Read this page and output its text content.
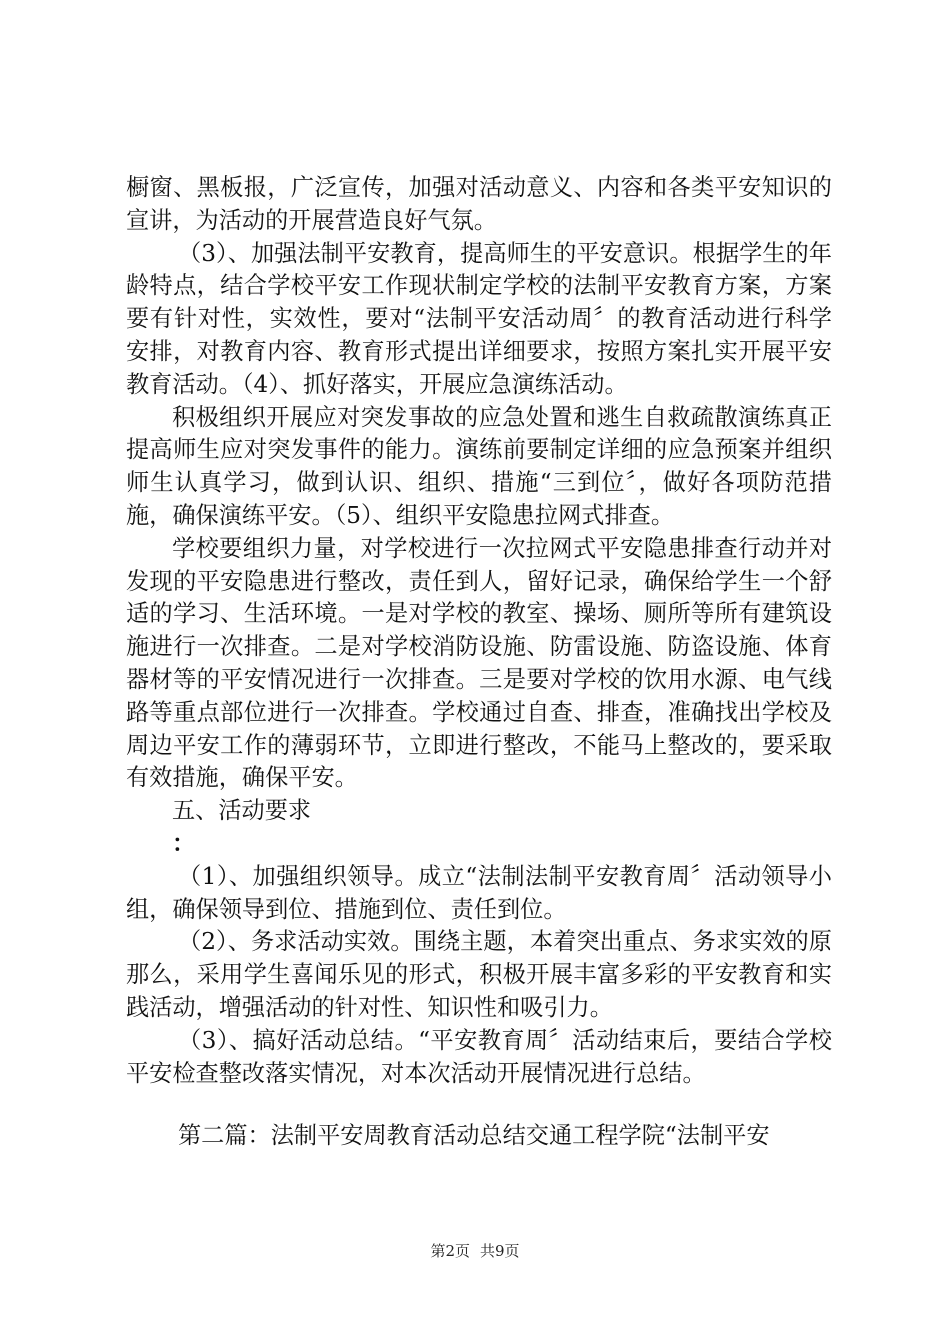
橱窗、黑板报，广泛宣传，加强对活动意义、内容和各类平安知识的宣讲，为活动的开展营造良好气氛。

（3）、加强法制平安教育，提高师生的平安意识。根据学生的年龄特点，结合学校平安工作现状制定学校的法制平安教育方案，方案要有针对性，实效性，要对“法制平安活动周〞的教育活动进行科学安排，对教育内容、教育形式提出详细要求，按照方案扎实开展平安教育活动。（4）、抓好落实，开展应急演练活动。

积极组织开展应对突发事故的应急处置和逃生自救疏散演练真正提高师生应对突发事件的能力。演练前要制定详细的应急预案并组织师生认真学习，做到认识、组织、措施“三到位〞，做好各项防范措施，确保演练平安。（5）、组织平安隐患拉网式排查。

学校要组织力量，对学校进行一次拉网式平安隐患排查行动并对发现的平安隐患进行整改，责任到人，留好记录，确保给学生一个舒适的学习、生活环境。一是对学校的教室、操场、厕所等所有建筑设施进行一次排查。二是对学校消防设施、防雷设施、防盗设施、体育器材等的平安情况进行一次排查。三是要对学校的饮用水源、电气线路等重点部位进行一次排查。学校通过自查、排查，准确找出学校及周边平安工作的薄弱环节，立即进行整改，不能马上整改的，要采取有效措施，确保平安。

五、活动要求

：

（1）、加强组织领导。成立“法制法制平安教育周〞活动领导小组，确保领导到位、措施到位、责任到位。

（2）、务求活动实效。围绕主题，本着突出重点、务求实效的原那么，采用学生喜闻乐见的形式，积极开展丰富多彩的平安教育和实践活动，增强活动的针对性、知识性和吸引力。

（3）、搞好活动总结。“平安教育周〞活动结束后，要结合学校平安检查整改落实情况，对本次活动开展情况进行总结。

第二篇：法制平安周教育活动总结交通工程学院“法制平安
第2页 共9页
